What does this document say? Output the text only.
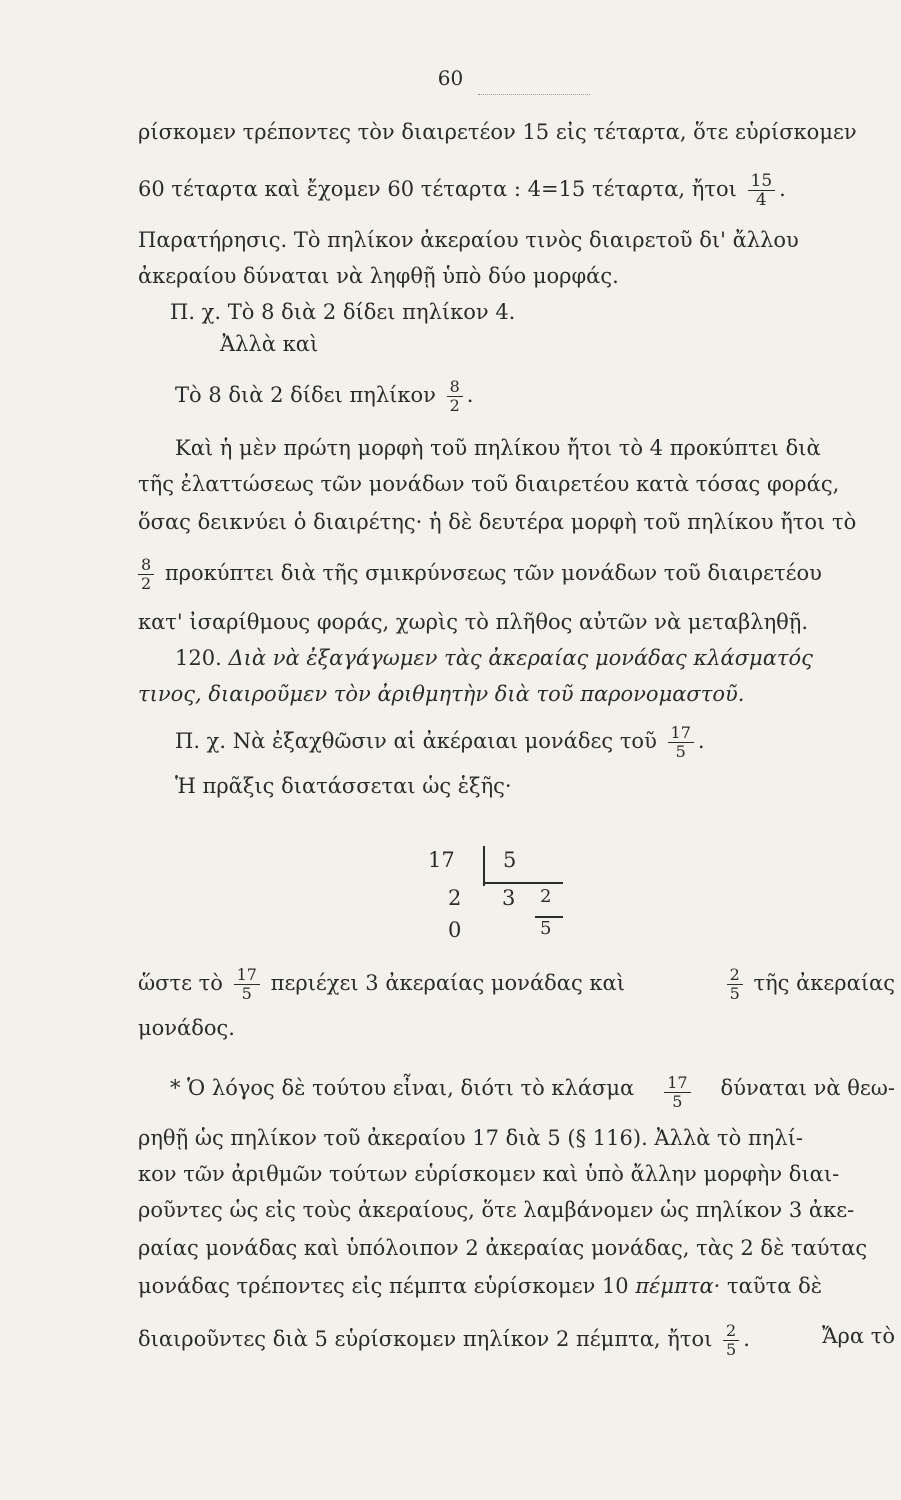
60
ρίσκομεν τρέποντες τὸν διαιρετέον 15 εἰς τέταρτα, ὅτε εὑρίσκομεν
60 τέταρτα καὶ ἔχομεν 60 τέταρτα : 4=15 τέταρτα, ἤτοι $\frac{15}{4}$ .
Παρατήρησις. Τὸ πηλίκον ἀκεραίου τινὸς διαιρετοῦ δι' ἄλλου
ἀκεραίου δύναται νὰ ληφθῇ ὑπὸ δύο μορφάς.
Π. χ. Τὸ 8 διὰ 2 δίδει πηλίκον 4.
Ἀλλὰ καὶ
Τὸ 8 διὰ 2 δίδει πηλίκον $\frac{8}{2}$ .
Καὶ ἡ μὲν πρώτη μορφὴ τοῦ πηλίκου ἤτοι τὸ 4 προκύπτει διὰ
τῆς ἐλαττώσεως τῶν μονάδων τοῦ διαιρετέου κατὰ τόσας φοράς,
ὅσας δεικνύει ὁ διαιρέτης· ἡ δὲ δευτέρα μορφὴ τοῦ πηλίκου ἤτοι τὸ
$\frac{8}{2}$ προκύπτει διὰ τῆς σμικρύνσεως τῶν μονάδων τοῦ διαιρετέου
κατ' ἰσαρίθμους φοράς, χωρὶς τὸ πλῆθος αὐτῶν νὰ μεταβληθῇ.
120. Διὰ νὰ ἐξαγάγωμεν τὰς ἀκεραίας μονάδας κλάσματός
τινος, διαιροῦμεν τὸν ἀριθμητὴν διὰ τοῦ παρονομαστοῦ.
Π. χ. Νὰ ἐξαχθῶσιν αἱ ἀκέραιαι μονάδες τοῦ $\frac{17}{5}$ .
Ἡ πρᾶξις διατάσσεται ὡς ἑξῆς·
17 5
2 3 2
0	5
ὥστε τὸ $\frac{17}{5}$ περιέχει 3 ἀκεραίας μονάδας καὶ	$\frac{2}{5}$ τῆς ἀκεραίας
μονάδος.
* Ὁ λόγος δὲ τούτου εἶναι, διότι τὸ κλάσμα $\frac{17}{5}$ δύναται νὰ θεω-
ρηθῇ ὡς πηλίκον τοῦ ἀκεραίου 17 διὰ 5 (§ 116). Ἀλλὰ τὸ πηλί-
κον τῶν ἀριθμῶν τούτων εὑρίσκομεν καὶ ὑπὸ ἄλλην μορφὴν διαι-
ροῦντες ὡς εἰς τοὺς ἀκεραίους, ὅτε λαμβάνομεν ὡς πηλίκον 3 ἀκε-
ραίας μονάδας καὶ ὑπόλοιπον 2 ἀκεραίας μονάδας, τὰς 2 δὲ ταύτας
μονάδας τρέποντες εἰς πέμπτα εὑρίσκομεν 10 πέμπτα· ταῦτα δὲ
διαιροῦντες διὰ 5 εὑρίσκομεν πηλίκον 2 πέμπτα, ἤτοι $\frac{2}{5}$ .	Ἄρα τὸ
